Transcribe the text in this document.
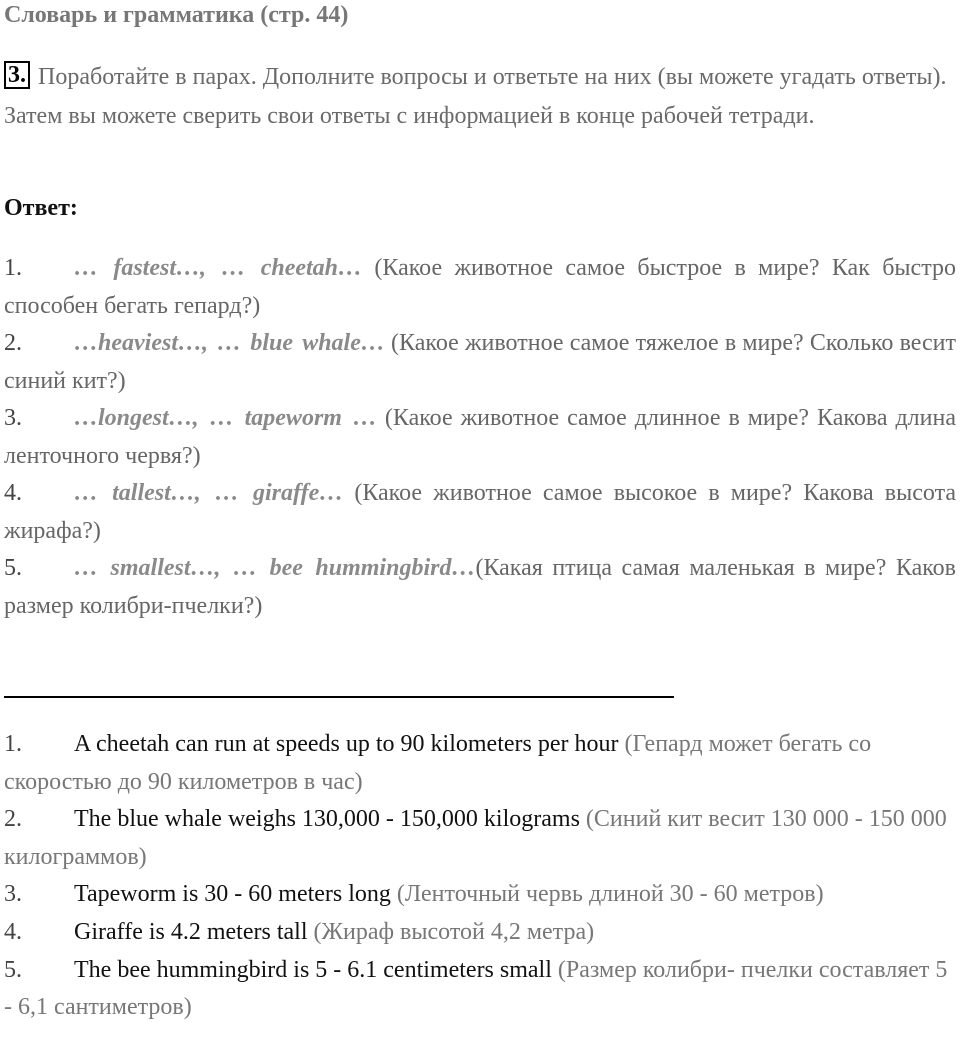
Словарь и грамматика (стр. 44)
3. Поработайте в парах. Дополните вопросы и ответьте на них (вы можете угадать ответы). Затем вы можете сверить свои ответы с информацией в конце рабочей тетради.
Ответ:

1. … fastest…, … cheetah… (Какое животное самое быстрое в мире? Как быстро способен бегать гепард?)

2. …heaviest…, … blue whale… (Какое животное самое тяжелое в мире? Сколько весит синий кит?)

3. …longest…, … tapeworm … (Какое животное самое длинное в мире? Какова длина ленточного червя?)

4. … tallest…, … giraffe… (Какое животное самое высокое в мире? Какова высота жирафа?)

5. … smallest…, … bee hummingbird…(Какая птица самая маленькая в мире? Каков размер колибри-пчелки?)

1. A cheetah can run at speeds up to 90 kilometers per hour (Гепард может бегать со скоростью до 90 километров в час)

2. The blue whale weighs 130,000 - 150,000 kilograms (Синий кит весит 130 000 - 150 000 килограммов)

3. Tapeworm is 30 - 60 meters long (Ленточный червь длиной 30 - 60 метров)

4. Giraffe is 4.2 meters tall (Жираф высотой 4,2 метра)

5. The bee hummingbird is 5 - 6.1 centimeters small (Размер колибри- пчелки составляет 5 - 6,1 сантиметров)
